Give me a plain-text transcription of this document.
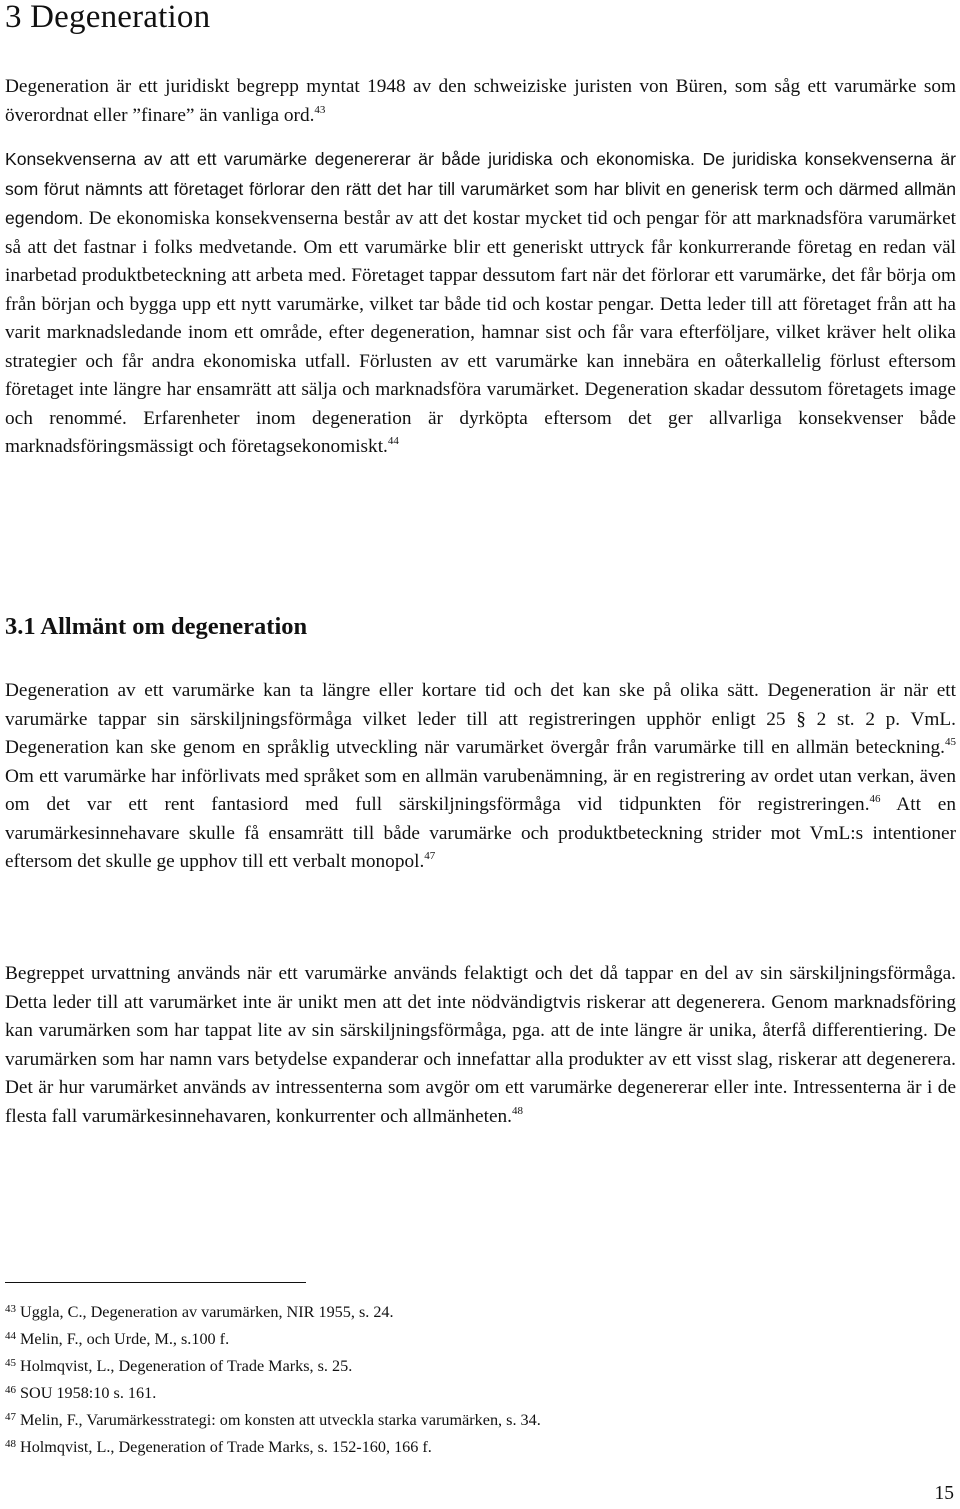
3 Degeneration

Degeneration är ett juridiskt begrepp myntat 1948 av den schweiziske juristen von Büren, som såg ett varumärke som överordnat eller ”finare” än vanliga ord.$^{43}$

Konsekvenserna av att ett varumärke degenererar är både juridiska och ekonomiska. De juridiska konsekvenserna är som förut nämnts att företaget förlorar den rätt det har till varumärket som har blivit en generisk term och därmed allmän egendom. De ekonomiska konsekvenserna består av att det kostar mycket tid och pengar för att marknadsföra varumärket så att det fastnar i folks medvetande. Om ett varumärke blir ett generiskt uttryck får konkurrerande företag en redan väl inarbetad produktbeteckning att arbeta med. Företaget tappar dessutom fart när det förlorar ett varumärke, det får börja om från början och bygga upp ett nytt varumärke, vilket tar både tid och kostar pengar. Detta leder till att företaget från att ha varit marknadsledande inom ett område, efter degeneration, hamnar sist och får vara efterföljare, vilket kräver helt olika strategier och får andra ekonomiska utfall. Förlusten av ett varumärke kan innebära en oåterkallelig förlust eftersom företaget inte längre har ensamrätt att sälja och marknadsföra varumärket. Degeneration skadar dessutom företagets image och renommé. Erfarenheter inom degeneration är dyrköpta eftersom det ger allvarliga konsekvenser både marknadsföringsmässigt och företagsekonomiskt.$^{44}$

3.1 Allmänt om degeneration

Degeneration av ett varumärke kan ta längre eller kortare tid och det kan ske på olika sätt. Degeneration är när ett varumärke tappar sin särskiljningsförmåga vilket leder till att registreringen upphör enligt 25 § 2 st. 2 p. VmL. Degeneration kan ske genom en språklig utveckling när varumärket övergår från varumärke till en allmän beteckning.$^{45}$ Om ett varumärke har införlivats med språket som en allmän varubenämning, är en registrering av ordet utan verkan, även om det var ett rent fantasiord med full särskiljningsförmåga vid tidpunkten för registreringen.$^{46}$ Att en varumärkesinnehavare skulle få ensamrätt till både varumärke och produktbeteckning strider mot VmL:s intentioner eftersom det skulle ge upphov till ett verbalt monopol.$^{47}$

Begreppet urvattning används när ett varumärke används felaktigt och det då tappar en del av sin särskiljningsförmåga. Detta leder till att varumärket inte är unikt men att det inte nödvändigtvis riskerar att degenerera. Genom marknadsföring kan varumärken som har tappat lite av sin särskiljningsförmåga, pga. att de inte längre är unika, återfå differentiering. De varumärken som har namn vars betydelse expanderar och innefattar alla produkter av ett visst slag, riskerar att degenerera. Det är hur varumärket används av intressenterna som avgör om ett varumärke degenererar eller inte. Intressenterna är i de flesta fall varumärkesinnehavaren, konkurrenter och allmänheten.$^{48}$

$^{43}$ Uggla, C., Degeneration av varumärken, NIR 1955, s. 24.
$^{44}$ Melin, F., och Urde, M., s.100 f.
$^{45}$ Holmqvist, L., Degeneration of Trade Marks, s. 25.
$^{46}$ SOU 1958:10 s. 161.
$^{47}$ Melin, F., Varumärkesstrategi: om konsten att utveckla starka varumärken, s. 34.
$^{48}$ Holmqvist, L., Degeneration of Trade Marks, s. 152-160, 166 f.

15
